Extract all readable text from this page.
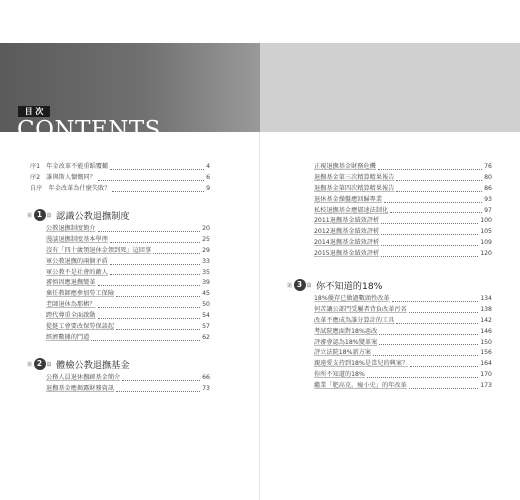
目 次
CONTENTS
序1　年金改革不能重蹈覆轍	4
序2　誰與斯人慷慨同？	6
自序　年金改革為什麼失敗？	9
第 1 篇 認識公教退撫制度
公教退撫制度簡介	20
漫談退撫制度基本學理	25
沒有「四十歲領退休金領到死」這回事	29
軍公教退撫的兩個矛盾	33
軍公教不是社會的敵人	35
審慎因應退撫變革	39
棄任教師應參加勞工保險	45
老師退休為那樁？	50
跨代尊重全面啟動	54
從挺工會要改保勞保談起	57
經濟數據的鬥道	62
第 2 篇 體檢公教退撫基金
公務人員退休撫卹基金簡介	66
退撫基金應揭露財務資訊	73
正視退撫基金財務危機	76
退撫基金第三次精算精果報告	80
退撫基金第四次精算精果報告	86
退休基金操盤應回歸專業	93
私校退撫基金應儘速法制化	97
2011退撫基金績效評析	100
2012退撫基金績效評析	105
2014退撫基金績效評析	109
2015退撫基金績效評析	120
第 3 篇 你不知道的18%
18%優存已做過數頭性改革	134
何苦讓公部門受屬者背負改革污名	138
改革不應成為誰分算計的工具	142
考試院應面對18%惡改	146
評審會認為18%變革案	150
評立法院18%新方案	156
親遠愛支持到18%是當兒的興案？	164
你所不知道的18%	170
繼業「肥高克，瘦小史」的年改革	173
